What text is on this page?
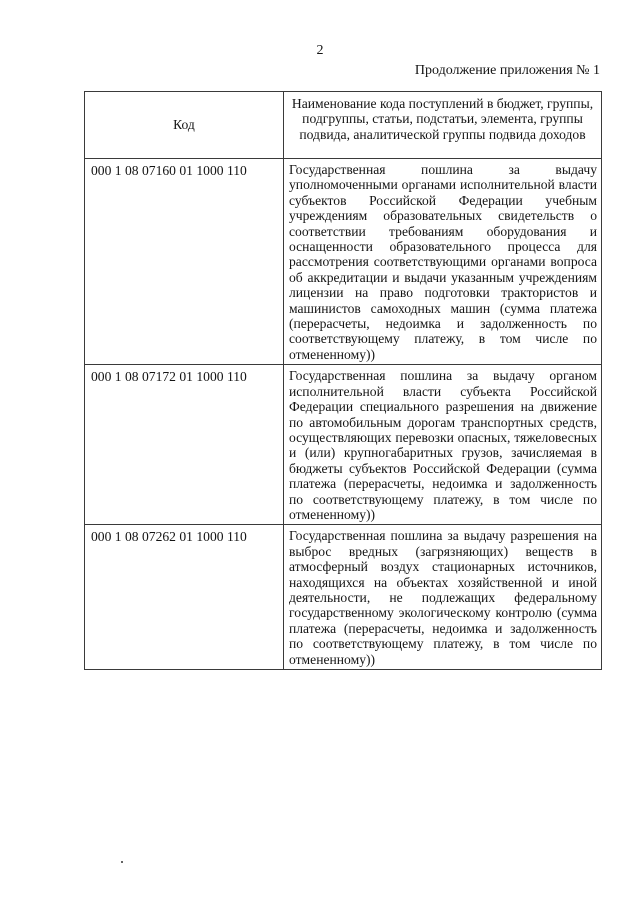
2
Продолжение приложения № 1
Код	Наименование кода поступлений в бюджет, группы, подгруппы, статьи, подстатьи, элемента, группы подвида, аналитической группы подвида доходов
000 1 08 07160 01 1000 110	Государственная пошлина за выдачу уполномоченными органами исполнительной власти субъектов Российской Федерации учебным учреждениям образовательных свидетельств о соответствии требованиям оборудования и оснащенности образовательного процесса для рассмотрения соответствующими органами вопроса об аккредитации и выдачи указанным учреждениям лицензии на право подготовки трактористов и машинистов самоходных машин (сумма платежа (перерасчеты, недоимка и задолженность по соответствующему платежу, в том числе по отмененному))
000 1 08 07172 01 1000 110	Государственная пошлина за выдачу органом исполнительной власти субъекта Российской Федерации специального разрешения на движение по автомобильным дорогам транспортных средств, осуществляющих перевозки опасных, тяжеловесных и (или) крупногабаритных грузов, зачисляемая в бюджеты субъектов Российской Федерации (сумма платежа (перерасчеты, недоимка и задолженность по соответствующему платежу, в том числе по отмененному))
000 1 08 07262 01 1000 110	Государственная пошлина за выдачу разрешения на выброс вредных (загрязняющих) веществ в атмосферный воздух стационарных источников, находящихся на объектах хозяйственной и иной деятельности, не подлежащих федеральному государственному экологическому контролю (сумма платежа (перерасчеты, недоимка и задолженность по соответствующему платежу, в том числе по отмененному))
